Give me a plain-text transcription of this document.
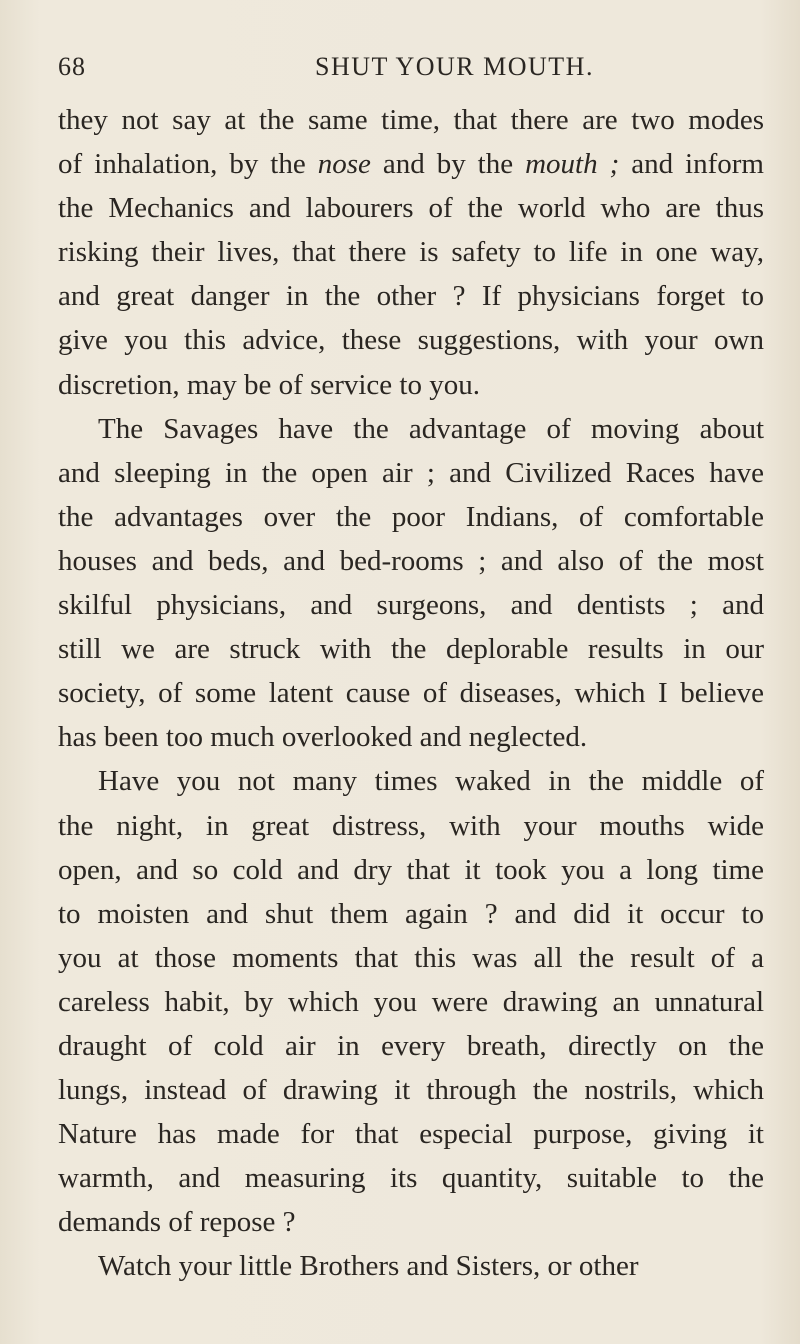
68	SHUT YOUR MOUTH.
they not say at the same time, that there are two modes
of inhalation, by the nose and by the mouth ; and inform
the Mechanics and labourers of the world who are thus
risking their lives, that there is safety to life in one way,
and great danger in the other ? If physicians forget to
give you this advice, these suggestions, with your own
discretion, may be of service to you.
The Savages have the advantage of moving about
and sleeping in the open air ; and Civilized Races have
the advantages over the poor Indians, of comfortable
houses and beds, and bed-rooms ; and also of the most
skilful physicians, and surgeons, and dentists ; and
still we are struck with the deplorable results in our
society, of some latent cause of diseases, which I believe
has been too much overlooked and neglected.
Have you not many times waked in the middle of
the night, in great distress, with your mouths wide
open, and so cold and dry that it took you a long time
to moisten and shut them again ? and did it occur to
you at those moments that this was all the result of a
careless habit, by which you were drawing an unnatural
draught of cold air in every breath, directly on the
lungs, instead of drawing it through the nostrils, which
Nature has made for that especial purpose, giving it
warmth, and measuring its quantity, suitable to the
demands of repose ?
Watch your little Brothers and Sisters, or other
